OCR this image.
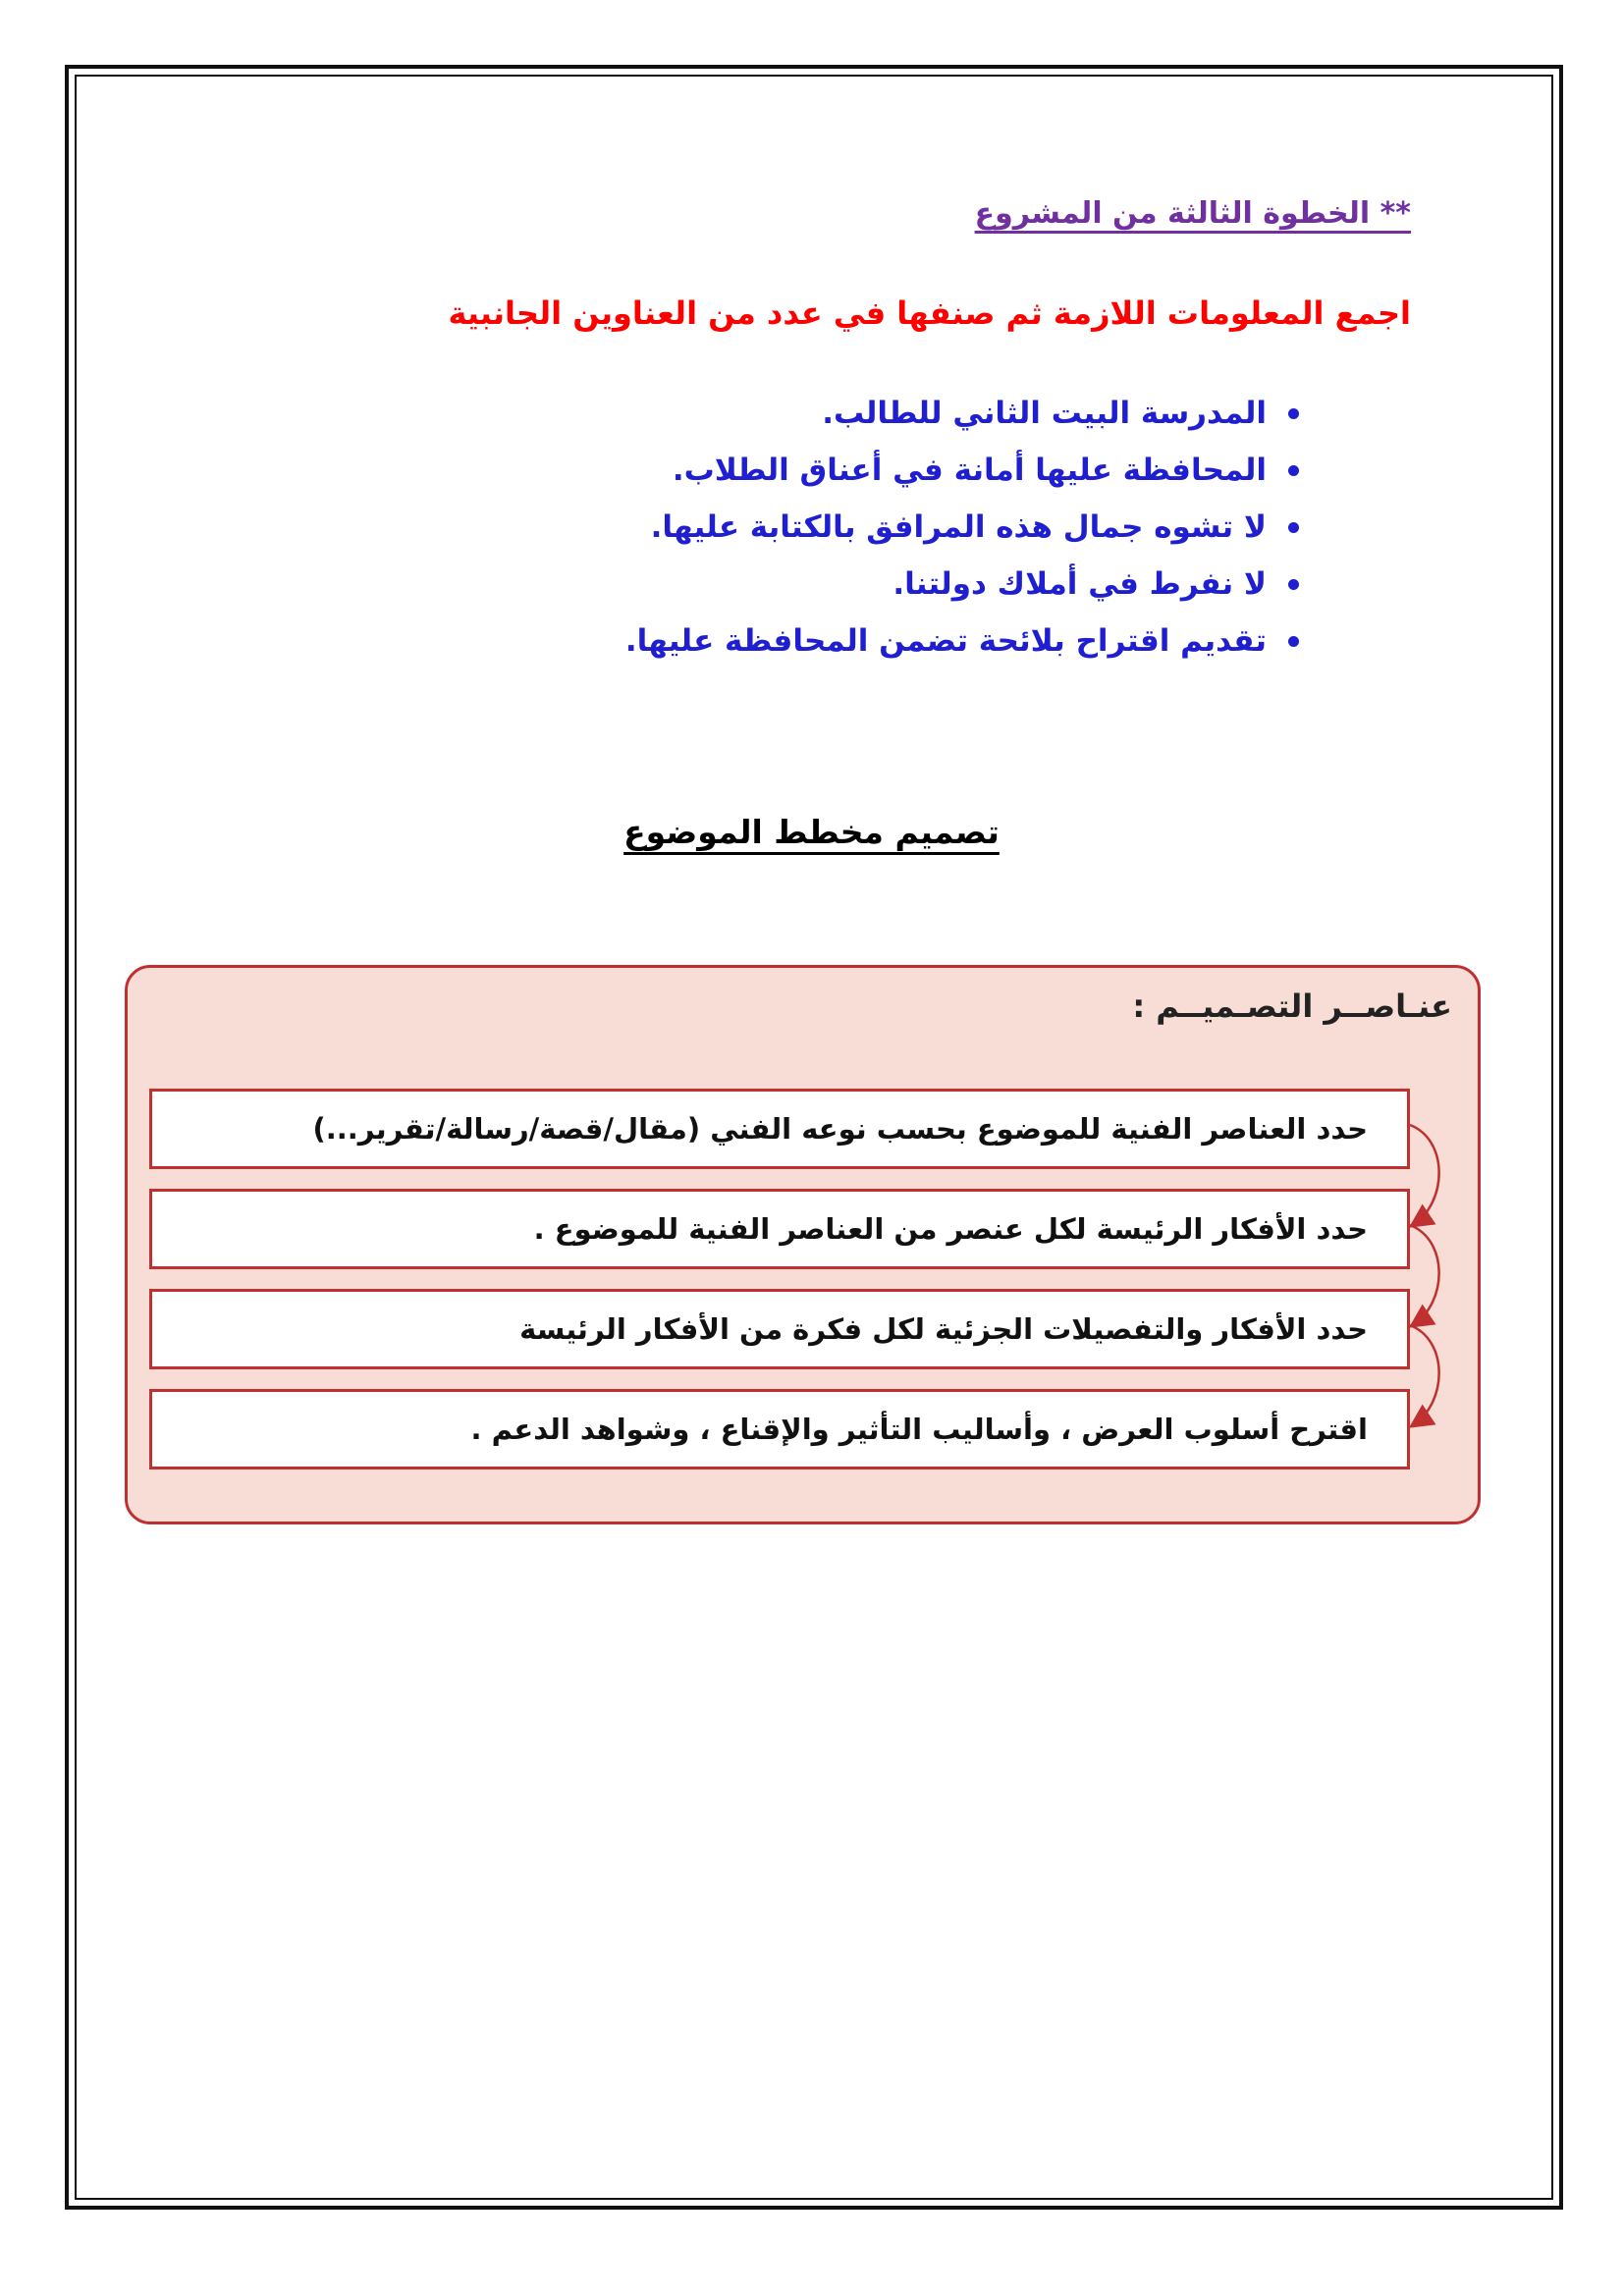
** الخطوة الثالثة من المشروع

اجمع المعلومات اللازمة ثم صنفها في عدد من العناوين الجانبية

المدرسة البيت الثاني للطالب.
المحافظة عليها أمانة في أعناق الطلاب.
لا تشوه جمال هذه المرافق بالكتابة عليها.
لا نفرط في أملاك دولتنا.
تقديم اقتراح بلائحة تضمن المحافظة عليها.
تصميم مخطط الموضوع

عنـاصــر التصـميــم :

حدد العناصر الفنية للموضوع بحسب نوعه الفني (مقال/قصة/رسالة/تقرير...)
حدد الأفكار الرئيسة لكل عنصر من العناصر الفنية للموضوع .
حدد الأفكار والتفصيلات الجزئية لكل فكرة من الأفكار الرئيسة
اقترح أسلوب العرض ، وأساليب التأثير والإقناع ، وشواهد الدعم .
